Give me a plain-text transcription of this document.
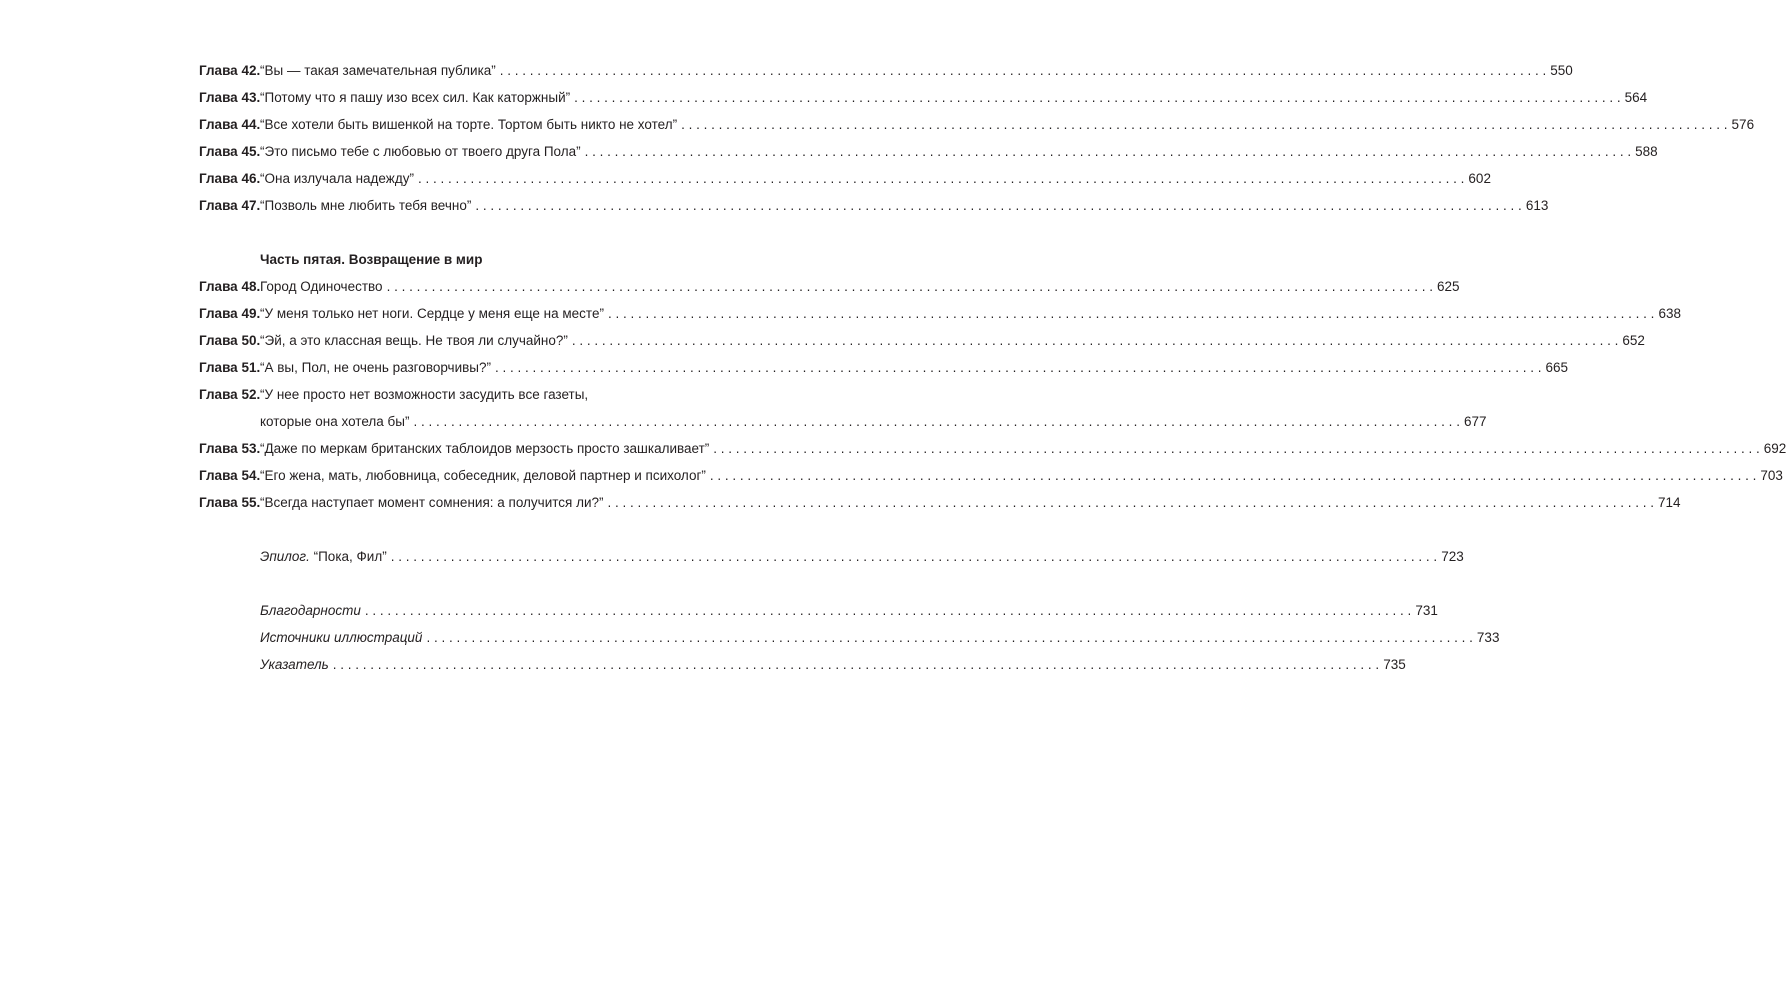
Глава 42. “Вы — такая замечательная публика” . . .	550
Глава 43. “Потому что я пашу изо всех сил. Как каторжный” . . .	564
Глава 44. “Все хотели быть вишенкой на торте. Тортом быть никто не хотел” . . .	576
Глава 45. “Это письмо тебе с любовью от твоего друга Пола” . . .	588
Глава 46. “Она излучала надежду” . . .	602
Глава 47. “Позволь мне любить тебя вечно” . . .	613
Часть пятая. Возвращение в мир
Глава 48. Город Одиночество . . .	625
Глава 49. “У меня только нет ноги. Сердце у меня еще на месте” . . .	638
Глава 50. “Эй, а это классная вещь. Не твоя ли случайно?” . . .	652
Глава 51. “А вы, Пол, не очень разговорчивы?” . . .	665
Глава 52. “У нее просто нет возможности засудить все газеты,
которые она хотела бы” . . .	677
Глава 53. “Даже по меркам британских таблоидов мерзость просто зашкаливает” . . .	692
Глава 54. “Его жена, мать, любовница, собеседник, деловой партнер и психолог” . . .	703
Глава 55. “Всегда наступает момент сомнения: а получится ли?” . . .	714
Эпилог. “Пока, Фил” . . .	723
Благодарности . . .	731
Источники иллюстраций . . .	733
Указатель . . .	735
